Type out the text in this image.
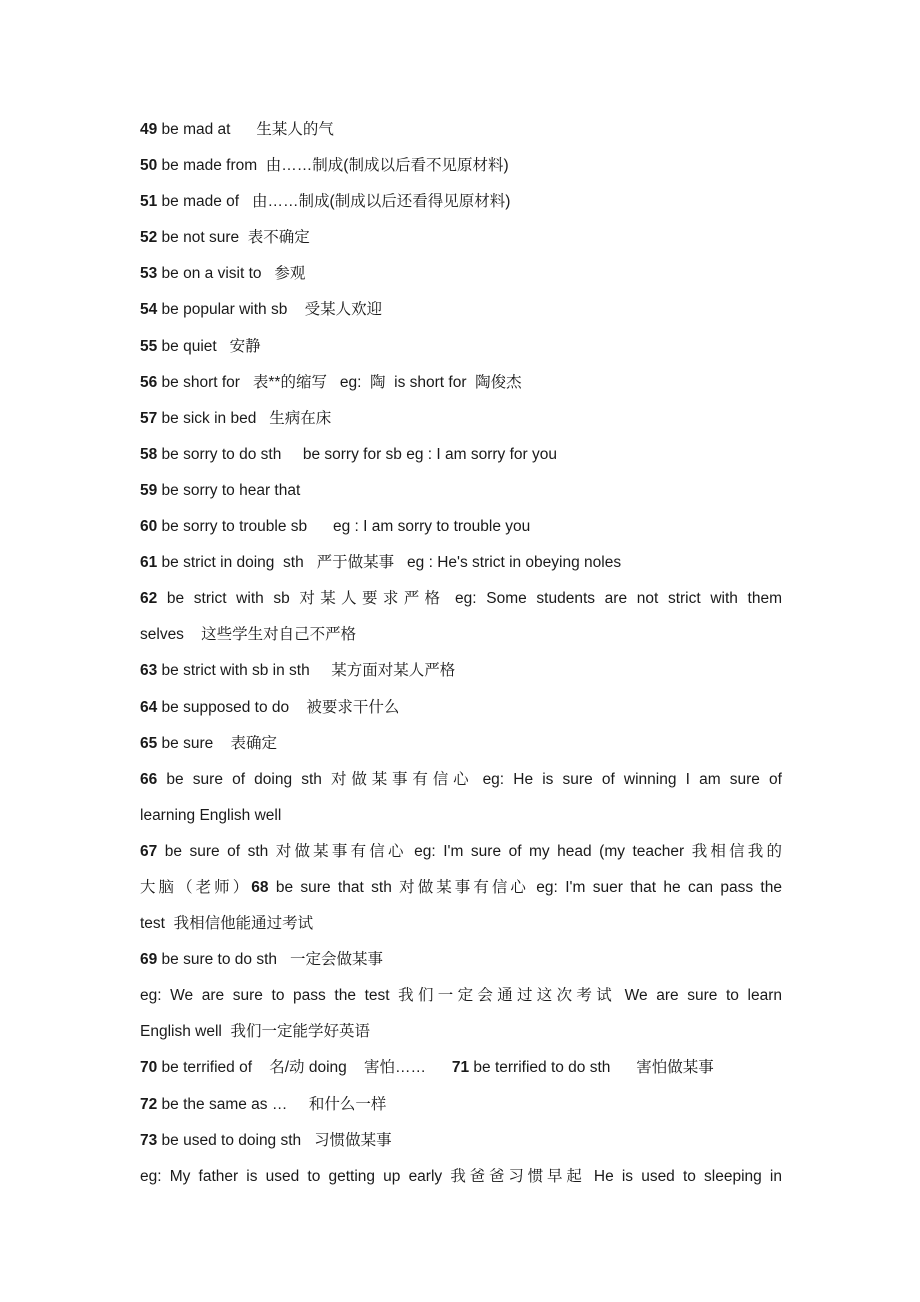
49 be mad at      生某人的气
50 be made from  由……制成(制成以后看不见原材料)
51 be made of   由……制成(制成以后还看得见原材料)
52 be not sure  表不确定
53 be on a visit to   参观
54 be popular with sb    受某人欢迎
55 be quiet   安静
56 be short for   表**的缩写   eg:  陶  is short for  陶俊杰
57 be sick in bed   生病在床
58 be sorry to do sth     be sorry for sb eg : I am sorry for you
59 be sorry to hear that
60 be sorry to trouble sb      eg : I am sorry to trouble you
61 be strict in doing  sth   严于做某事   eg : He's strict in obeying noles
62 be strict with sb 对某人要求严格 eg: Some students are not strict with them
selves    这些学生对自己不严格
63 be strict with sb in sth     某方面对某人严格
64 be supposed to do    被要求干什么
65 be sure    表确定
66 be sure of doing sth 对做某事有信心 eg: He is sure of winning I am sure of
learning English well
67 be sure of sth 对做某事有信心 eg: I'm sure of my head (my teacher 我相信我的
大脑（老师）68 be sure that sth 对做某事有信心 eg: I'm suer that he can pass the
test  我相信他能通过考试
69 be sure to do sth   一定会做某事
eg: We are sure to pass the test 我们一定会通过这次考试 We are sure to learn
English well  我们一定能学好英语
70 be terrified of    名/动 doing    害怕……      71 be terrified to do sth      害怕做某事
72 be the same as …     和什么一样
73 be used to doing sth   习惯做某事
eg: My father is used to getting up early 我爸爸习惯早起 He is used to sleeping in
